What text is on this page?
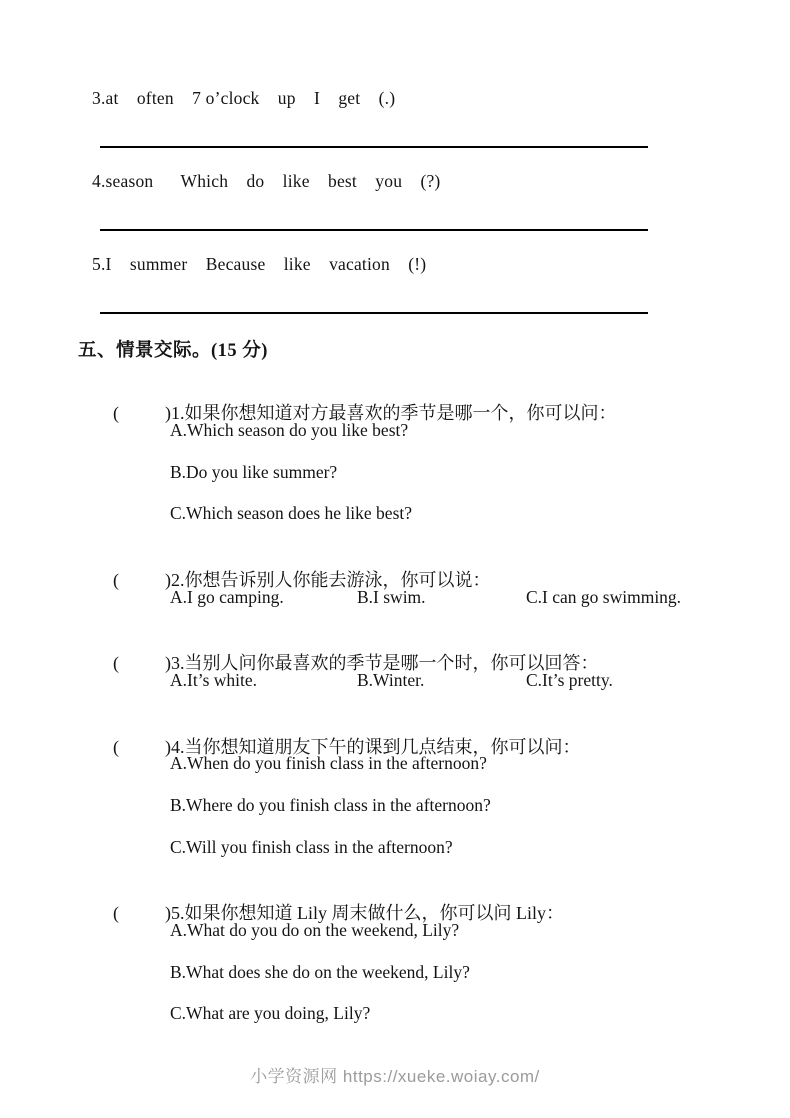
3.at    often    7 o’clock    up    I    get    (.)
4.season      Which    do    like    best    you    (?)
5.I    summer    Because    like    vacation    (!)
五、情景交际。(15 分)

(	)1.如果你想知道对方最喜欢的季节是哪一个，你可以问：

A.Which season do you like best?
B.Do you like summer?
C.Which season does he like best?

(	)2.你想告诉别人你能去游泳，你可以说：

A.I go camping.	B.I swim.	C.I can go swimming.

(	)3.当别人问你最喜欢的季节是哪一个时，你可以回答：

A.It’s white.	B.Winter.	C.It’s pretty.

(	)4.当你想知道朋友下午的课到几点结束，你可以问：

A.When do you finish class in the afternoon?
B.Where do you finish class in the afternoon?
C.Will you finish class in the afternoon?

(	)5.如果你想知道 Lily 周末做什么，你可以问 Lily：

A.What do you do on the weekend, Lily?
B.What does she do on the weekend, Lily?
C.What are you doing, Lily?
小学资源网 https://xueke.woiay.com/
